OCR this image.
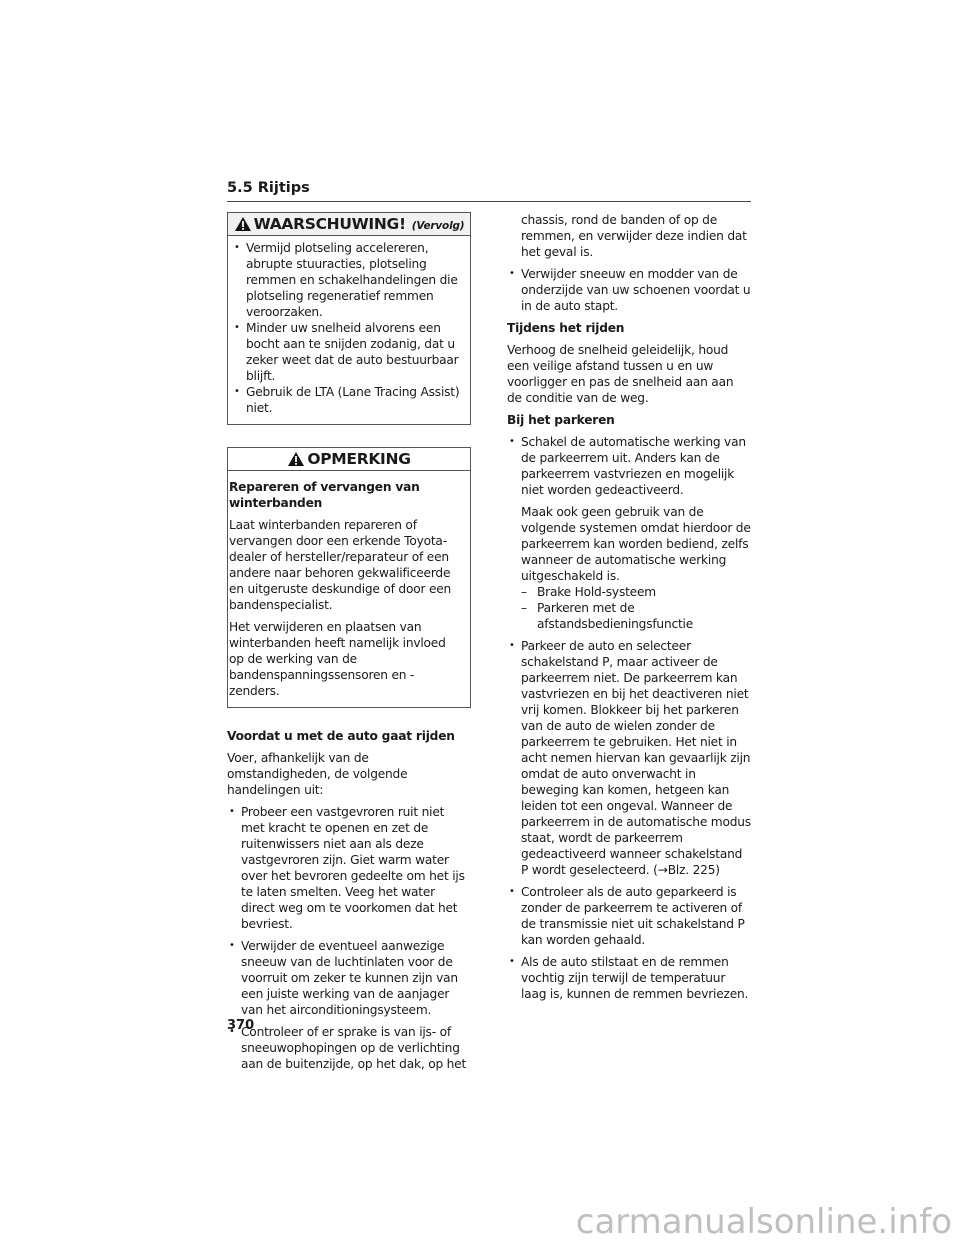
5.5 Rijtips
WAARSCHUWING! (Vervolg)
• Vermijd plotseling accelereren, abrupte stuuracties, plotseling remmen en schakelhandelingen die plotseling regeneratief remmen veroorzaken.
• Minder uw snelheid alvorens een bocht aan te snijden zodanig, dat u zeker weet dat de auto bestuurbaar blijft.
• Gebruik de LTA (Lane Tracing Assist) niet.
OPMERKING
Repareren of vervangen van winterbanden

Laat winterbanden repareren of vervangen door een erkende Toyota-dealer of hersteller/reparateur of een andere naar behoren gekwalificeerde en uitgeruste deskundige of door een bandenspecialist.

Het verwijderen en plaatsen van winterbanden heeft namelijk invloed op de werking van de bandenspanningssensoren en -zenders.

Voordat u met de auto gaat rijden

Voer, afhankelijk van de omstandigheden, de volgende handelingen uit:

• Probeer een vastgevroren ruit niet met kracht te openen en zet de ruitenwissers niet aan als deze vastgevroren zijn. Giet warm water over het bevroren gedeelte om het ijs te laten smelten. Veeg het water direct weg om te voorkomen dat het bevriest.
• Verwijder de eventueel aanwezige sneeuw van de luchtinlaten voor de voorruit om zeker te kunnen zijn van een juiste werking van de aanjager van het airconditioningsysteem.
• Controleer of er sprake is van ijs- of sneeuwophopingen op de verlichting aan de buitenzijde, op het dak, op het

chassis, rond de banden of op de remmen, en verwijder deze indien dat het geval is.

• Verwijder sneeuw en modder van de onderzijde van uw schoenen voordat u in de auto stapt.
Tijdens het rijden

Verhoog de snelheid geleidelijk, houd een veilige afstand tussen u en uw voorligger en pas de snelheid aan aan de conditie van de weg.

Bij het parkeren
• Schakel de automatische werking van de parkeerrem uit. Anders kan de parkeerrem vastvriezen en mogelijk niet worden gedeactiveerd.

Maak ook geen gebruik van de volgende systemen omdat hierdoor de parkeerrem kan worden bediend, zelfs wanneer de automatische werking uitgeschakeld is.

– Brake Hold-systeem
– Parkeren met de afstandsbedieningsfunctie
• Parkeer de auto en selecteer schakelstand P, maar activeer de parkeerrem niet. De parkeerrem kan vastvriezen en bij het deactiveren niet vrij komen. Blokkeer bij het parkeren van de auto de wielen zonder de parkeerrem te gebruiken. Het niet in acht nemen hiervan kan gevaarlijk zijn omdat de auto onverwacht in beweging kan komen, hetgeen kan leiden tot een ongeval. Wanneer de parkeerrem in de automatische modus staat, wordt de parkeerrem gedeactiveerd wanneer schakelstand P wordt geselecteerd. (→Blz. 225)
• Controleer als de auto geparkeerd is zonder de parkeerrem te activeren of de transmissie niet uit schakelstand P kan worden gehaald.
• Als de auto stilstaat en de remmen vochtig zijn terwijl de temperatuur laag is, kunnen de remmen bevriezen.
370
carmanualsonline.info
